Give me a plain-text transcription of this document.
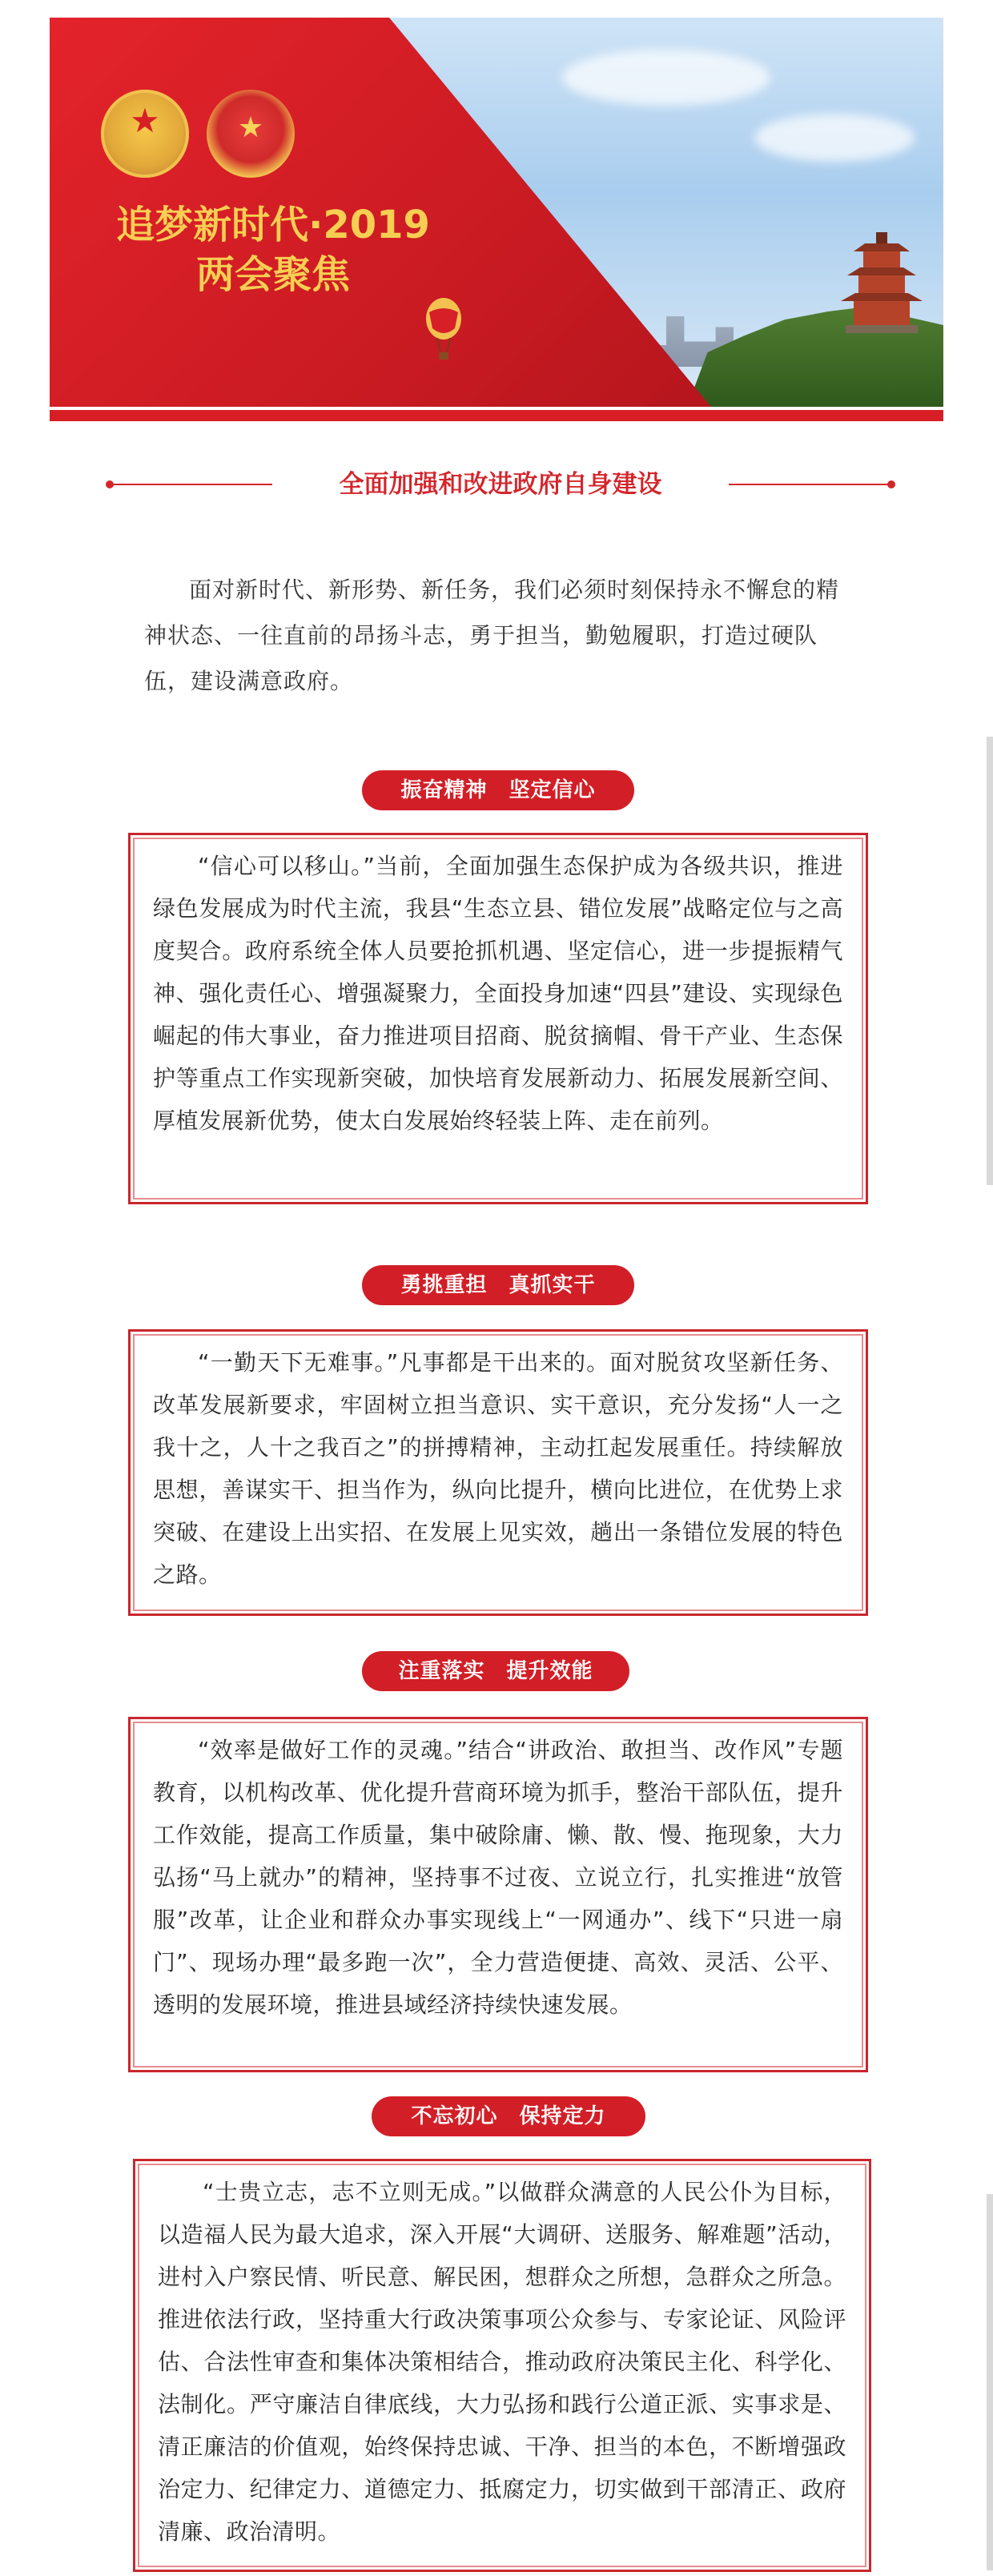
★
★
追梦新时代·2019
两会聚焦
全面加强和改进政府自身建设

面对新时代、新形势、新任务，我们必须时刻保持永不懈怠的精神状态、一往直前的昂扬斗志，勇于担当，勤勉履职，打造过硬队伍，建设满意政府。

振奋精神　坚定信心
“信心可以移山。”当前，全面加强生态保护成为各级共识，推进绿色发展成为时代主流，我县“生态立县、错位发展”战略定位与之高度契合。政府系统全体人员要抢抓机遇、坚定信心，进一步提振精气神、强化责任心、增强凝聚力，全面投身加速“四县”建设、实现绿色崛起的伟大事业，奋力推进项目招商、脱贫摘帽、骨干产业、生态保护等重点工作实现新突破，加快培育发展新动力、拓展发展新空间、厚植发展新优势，使太白发展始终轻装上阵、走在前列。
勇挑重担　真抓实干
“一勤天下无难事。”凡事都是干出来的。面对脱贫攻坚新任务、改革发展新要求，牢固树立担当意识、实干意识，充分发扬“人一之我十之，人十之我百之”的拼搏精神，主动扛起发展重任。持续解放思想，善谋实干、担当作为，纵向比提升，横向比进位，在优势上求突破、在建设上出实招、在发展上见实效，趟出一条错位发展的特色之路。
注重落实　提升效能
“效率是做好工作的灵魂。”结合“讲政治、敢担当、改作风”专题教育，以机构改革、优化提升营商环境为抓手，整治干部队伍，提升工作效能，提高工作质量，集中破除庸、懒、散、慢、拖现象，大力弘扬“马上就办”的精神，坚持事不过夜、立说立行，扎实推进“放管服”改革，让企业和群众办事实现线上“一网通办”、线下“只进一扇门”、现场办理“最多跑一次”，全力营造便捷、高效、灵活、公平、透明的发展环境，推进县域经济持续快速发展。
不忘初心　保持定力
“士贵立志，志不立则无成。”以做群众满意的人民公仆为目标，以造福人民为最大追求，深入开展“大调研、送服务、解难题”活动，进村入户察民情、听民意、解民困，想群众之所想，急群众之所急。推进依法行政，坚持重大行政决策事项公众参与、专家论证、风险评估、合法性审查和集体决策相结合，推动政府决策民主化、科学化、法制化。严守廉洁自律底线，大力弘扬和践行公道正派、实事求是、清正廉洁的价值观，始终保持忠诚、干净、担当的本色，不断增强政治定力、纪律定力、道德定力、抵腐定力，切实做到干部清正、政府清廉、政治清明。
